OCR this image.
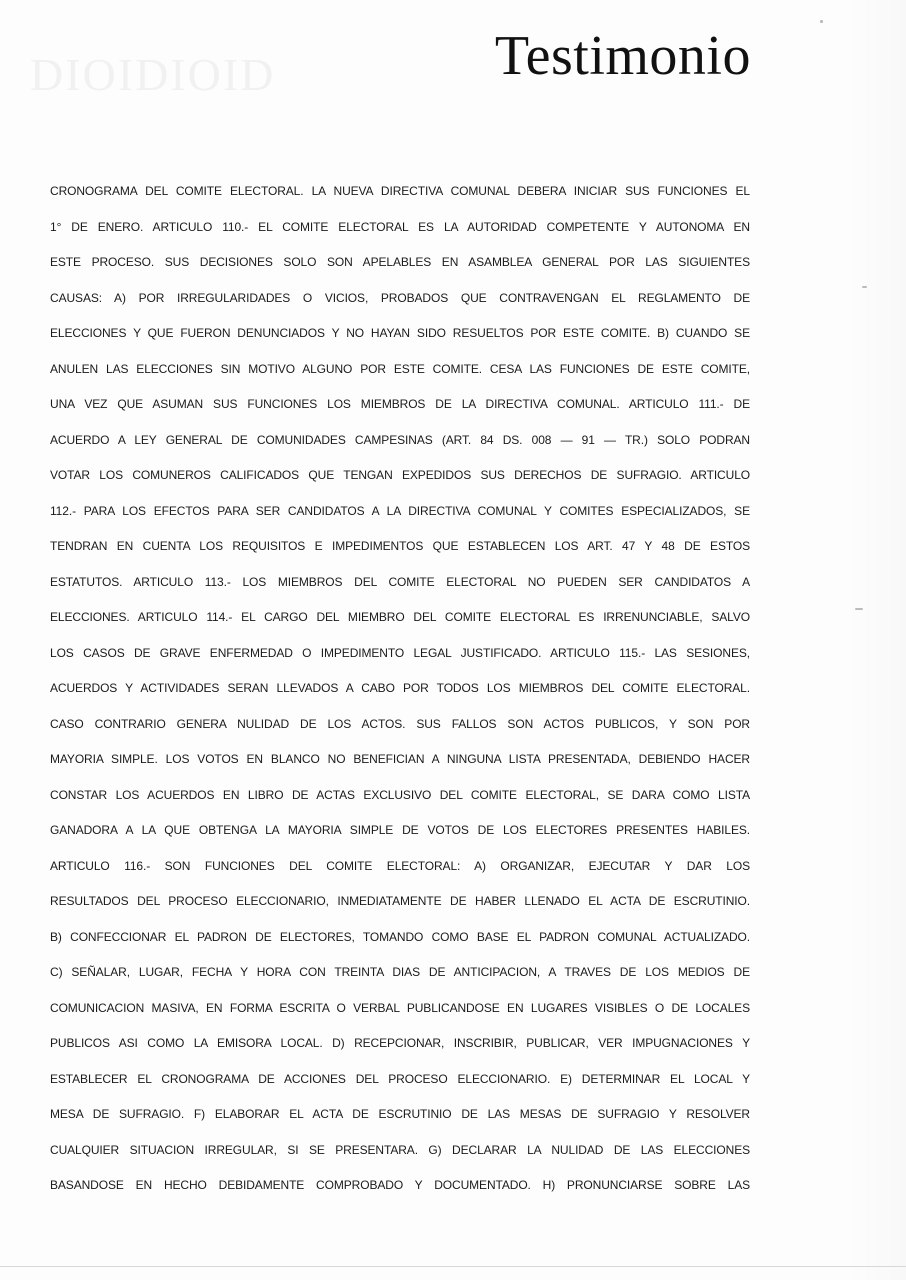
DIOIDIOID	Testimonio
CRONOGRAMA DEL COMITE ELECTORAL. LA NUEVA DIRECTIVA COMUNAL DEBERA INICIAR SUS FUNCIONES EL
1° DE ENERO. ARTICULO 110.- EL COMITE ELECTORAL ES LA AUTORIDAD COMPETENTE Y AUTONOMA EN
ESTE PROCESO. SUS DECISIONES SOLO SON APELABLES EN ASAMBLEA GENERAL POR LAS SIGUIENTES
CAUSAS: A) POR IRREGULARIDADES O VICIOS, PROBADOS QUE CONTRAVENGAN EL REGLAMENTO DE
ELECCIONES Y QUE FUERON DENUNCIADOS Y NO HAYAN SIDO RESUELTOS POR ESTE COMITE. B) CUANDO SE
ANULEN LAS ELECCIONES SIN MOTIVO ALGUNO POR ESTE COMITE. CESA LAS FUNCIONES DE ESTE COMITE,
UNA VEZ QUE ASUMAN SUS FUNCIONES LOS MIEMBROS DE LA DIRECTIVA COMUNAL. ARTICULO 111.- DE
ACUERDO A LEY GENERAL DE COMUNIDADES CAMPESINAS (ART. 84 DS. 008 — 91 — TR.) SOLO PODRAN
VOTAR LOS COMUNEROS CALIFICADOS QUE TENGAN EXPEDIDOS SUS DERECHOS DE SUFRAGIO. ARTICULO
112.- PARA LOS EFECTOS PARA SER CANDIDATOS A LA DIRECTIVA COMUNAL Y COMITES ESPECIALIZADOS, SE
TENDRAN EN CUENTA LOS REQUISITOS E IMPEDIMENTOS QUE ESTABLECEN LOS ART. 47 Y 48 DE ESTOS
ESTATUTOS. ARTICULO 113.- LOS MIEMBROS DEL COMITE ELECTORAL NO PUEDEN SER CANDIDATOS A
ELECCIONES. ARTICULO 114.- EL CARGO DEL MIEMBRO DEL COMITE ELECTORAL ES IRRENUNCIABLE, SALVO
LOS CASOS DE GRAVE ENFERMEDAD O IMPEDIMENTO LEGAL JUSTIFICADO. ARTICULO 115.- LAS SESIONES,
ACUERDOS Y ACTIVIDADES SERAN LLEVADOS A CABO POR TODOS LOS MIEMBROS DEL COMITE ELECTORAL.
CASO CONTRARIO GENERA NULIDAD DE LOS ACTOS. SUS FALLOS SON ACTOS PUBLICOS, Y SON POR
MAYORIA SIMPLE. LOS VOTOS EN BLANCO NO BENEFICIAN A NINGUNA LISTA PRESENTADA, DEBIENDO HACER
CONSTAR LOS ACUERDOS EN LIBRO DE ACTAS EXCLUSIVO DEL COMITE ELECTORAL, SE DARA COMO LISTA
GANADORA A LA QUE OBTENGA LA MAYORIA SIMPLE DE VOTOS DE LOS ELECTORES PRESENTES HABILES.
ARTICULO 116.- SON FUNCIONES DEL COMITE ELECTORAL: A) ORGANIZAR, EJECUTAR Y DAR LOS
RESULTADOS DEL PROCESO ELECCIONARIO, INMEDIATAMENTE DE HABER LLENADO EL ACTA DE ESCRUTINIO.
B) CONFECCIONAR EL PADRON DE ELECTORES, TOMANDO COMO BASE EL PADRON COMUNAL ACTUALIZADO.
C) SEÑALAR, LUGAR, FECHA Y HORA CON TREINTA DIAS DE ANTICIPACION, A TRAVES DE LOS MEDIOS DE
COMUNICACION MASIVA, EN FORMA ESCRITA O VERBAL PUBLICANDOSE EN LUGARES VISIBLES O DE LOCALES
PUBLICOS ASI COMO LA EMISORA LOCAL. D) RECEPCIONAR, INSCRIBIR, PUBLICAR, VER IMPUGNACIONES Y
ESTABLECER EL CRONOGRAMA DE ACCIONES DEL PROCESO ELECCIONARIO. E) DETERMINAR EL LOCAL Y
MESA DE SUFRAGIO. F) ELABORAR EL ACTA DE ESCRUTINIO DE LAS MESAS DE SUFRAGIO Y RESOLVER
CUALQUIER SITUACION IRREGULAR, SI SE PRESENTARA. G) DECLARAR LA NULIDAD DE LAS ELECCIONES
BASANDOSE EN HECHO DEBIDAMENTE COMPROBADO Y DOCUMENTADO. H) PRONUNCIARSE SOBRE LAS
